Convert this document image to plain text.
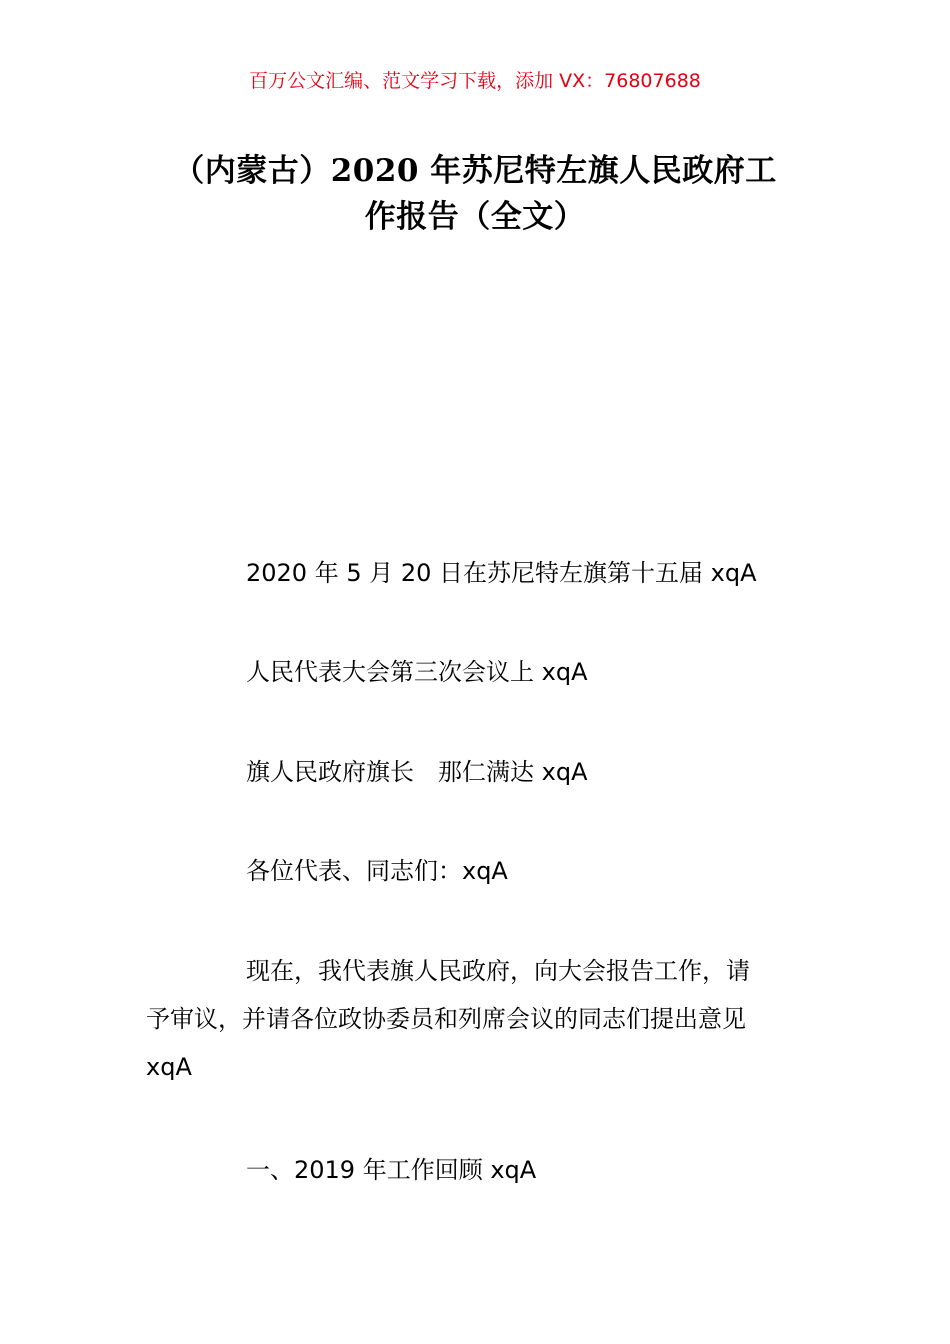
百万公文汇编、范文学习下载，添加 VX：76807688
（内蒙古）2020 年苏尼特左旗人民政府工
作报告（全文）
2020 年 5 月 20 日在苏尼特左旗第十五届 xqA
人民代表大会第三次会议上 xqA
旗人民政府旗长　那仁满达 xqA
各位代表、同志们：xqA
现在，我代表旗人民政府，向大会报告工作，请
予审议，并请各位政协委员和列席会议的同志们提出意见
xqA
一、2019 年工作回顾 xqA
